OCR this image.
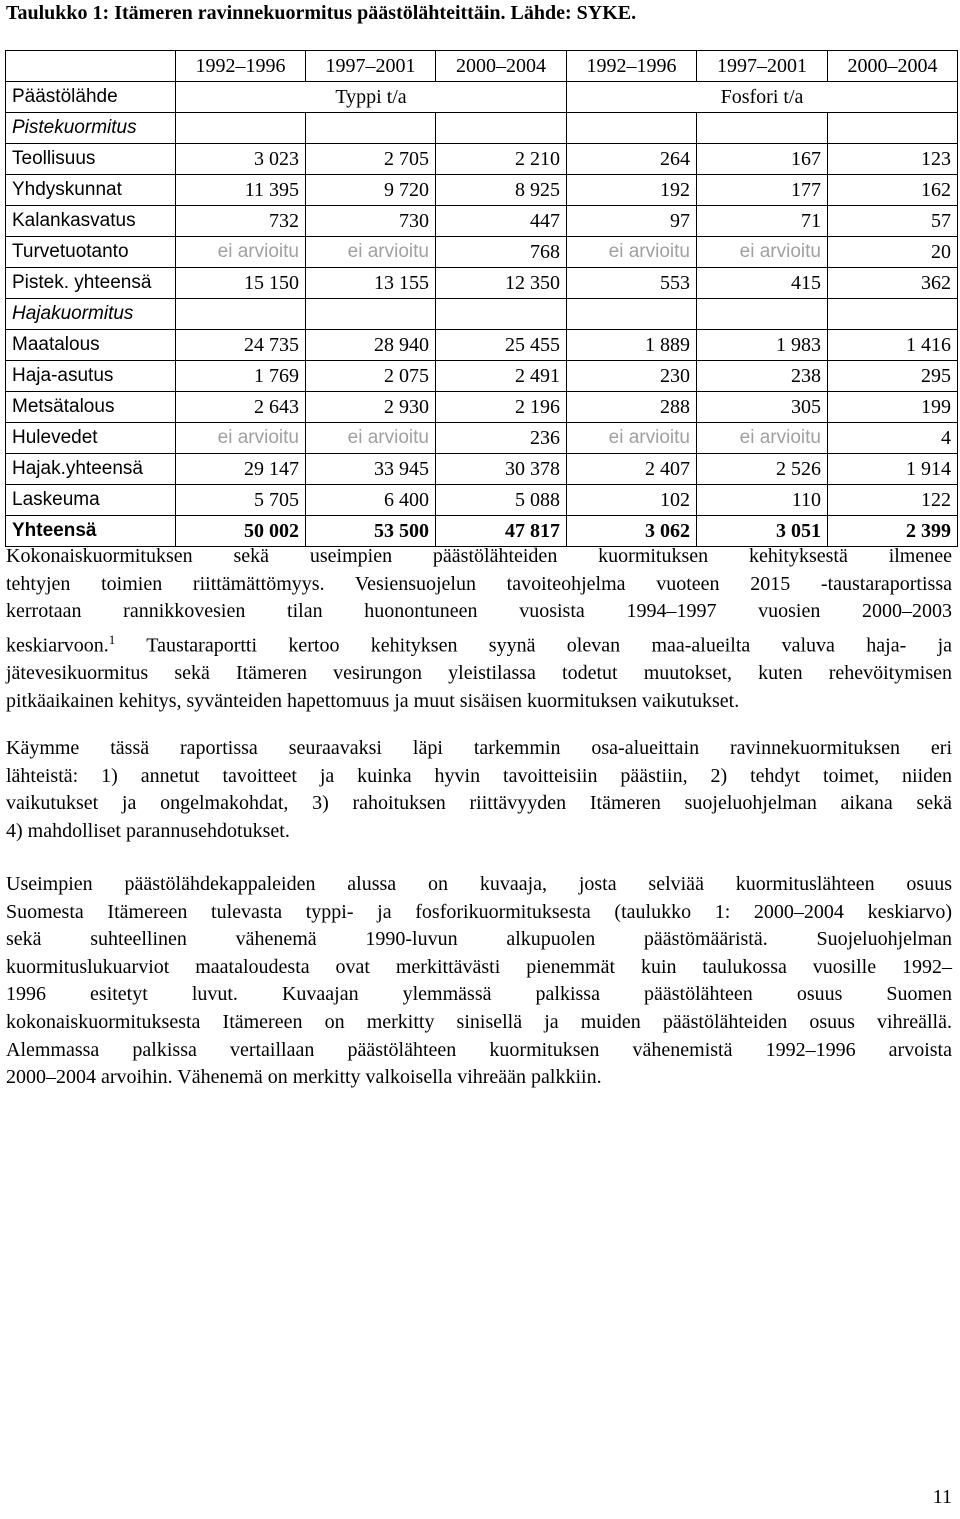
Taulukko 1: Itämeren ravinnekuormitus päästölähteittäin. Lähde: SYKE.
	1992–1996	1997–2001	2000–2004	1992–1996	1997–2001	2000–2004
Päästölähde	Typpi t/a			Fosfori t/a		
Pistekuormitus						
Teollisuus	3 023	2 705	2 210	264	167	123
Yhdyskunnat	11 395	9 720	8 925	192	177	162
Kalankasvatus	732	730	447	97	71	57
Turvetuotanto	ei arvioitu	ei arvioitu	768	ei arvioitu	ei arvioitu	20
Pistek. yhteensä	15 150	13 155	12 350	553	415	362
Hajakuormitus						
Maatalous	24 735	28 940	25 455	1 889	1 983	1 416
Haja-asutus	1 769	2 075	2 491	230	238	295
Metsätalous	2 643	2 930	2 196	288	305	199
Hulevedet	ei arvioitu	ei arvioitu	236	ei arvioitu	ei arvioitu	4
Hajak.yhteensä	29 147	33 945	30 378	2 407	2 526	1 914
Laskeuma	5 705	6 400	5 088	102	110	122
Yhteensä	50 002	53 500	47 817	3 062	3 051	2 399
Kokonaiskuormituksen sekä useimpien päästölähteiden kuormituksen kehityksestä ilmenee
tehtyjen toimien riittämättömyys. Vesiensuojelun tavoiteohjelma vuoteen 2015 -taustaraportissa
kerrotaan rannikkovesien tilan huonontuneen vuosista 1994–1997 vuosien 2000–2003
keskiarvoon.$^1$ Taustaraportti kertoo kehityksen syynä olevan maa-alueilta valuva haja- ja
jätevesikuormitus sekä Itämeren vesirungon yleistilassa todetut muutokset, kuten rehevöitymisen
pitkäaikainen kehitys, syvänteiden hapettomuus ja muut sisäisen kuormituksen vaikutukset.
Käymme tässä raportissa seuraavaksi läpi tarkemmin osa-alueittain ravinnekuormituksen eri
lähteistä: 1) annetut tavoitteet ja kuinka hyvin tavoitteisiin päästiin, 2) tehdyt toimet, niiden
vaikutukset ja ongelmakohdat, 3) rahoituksen riittävyyden Itämeren suojeluohjelman aikana sekä
4) mahdolliset parannusehdotukset.
Useimpien päästölähdekappaleiden alussa on kuvaaja, josta selviää kuormituslähteen osuus
Suomesta Itämereen tulevasta typpi- ja fosforikuormituksesta (taulukko 1: 2000–2004 keskiarvo)
sekä suhteellinen vähenemä 1990-luvun alkupuolen päästömääristä. Suojeluohjelman
kuormituslukuarviot maataloudesta ovat merkittävästi pienemmät kuin taulukossa vuosille 1992–
1996 esitetyt luvut. Kuvaajan ylemmässä palkissa päästölähteen osuus Suomen
kokonaiskuormituksesta Itämereen on merkitty sinisellä ja muiden päästölähteiden osuus vihreällä.
Alemmassa palkissa vertaillaan päästölähteen kuormituksen vähenemistä 1992–1996 arvoista
2000–2004 arvoihin. Vähenemä on merkitty valkoisella vihreään palkkiin.
11
